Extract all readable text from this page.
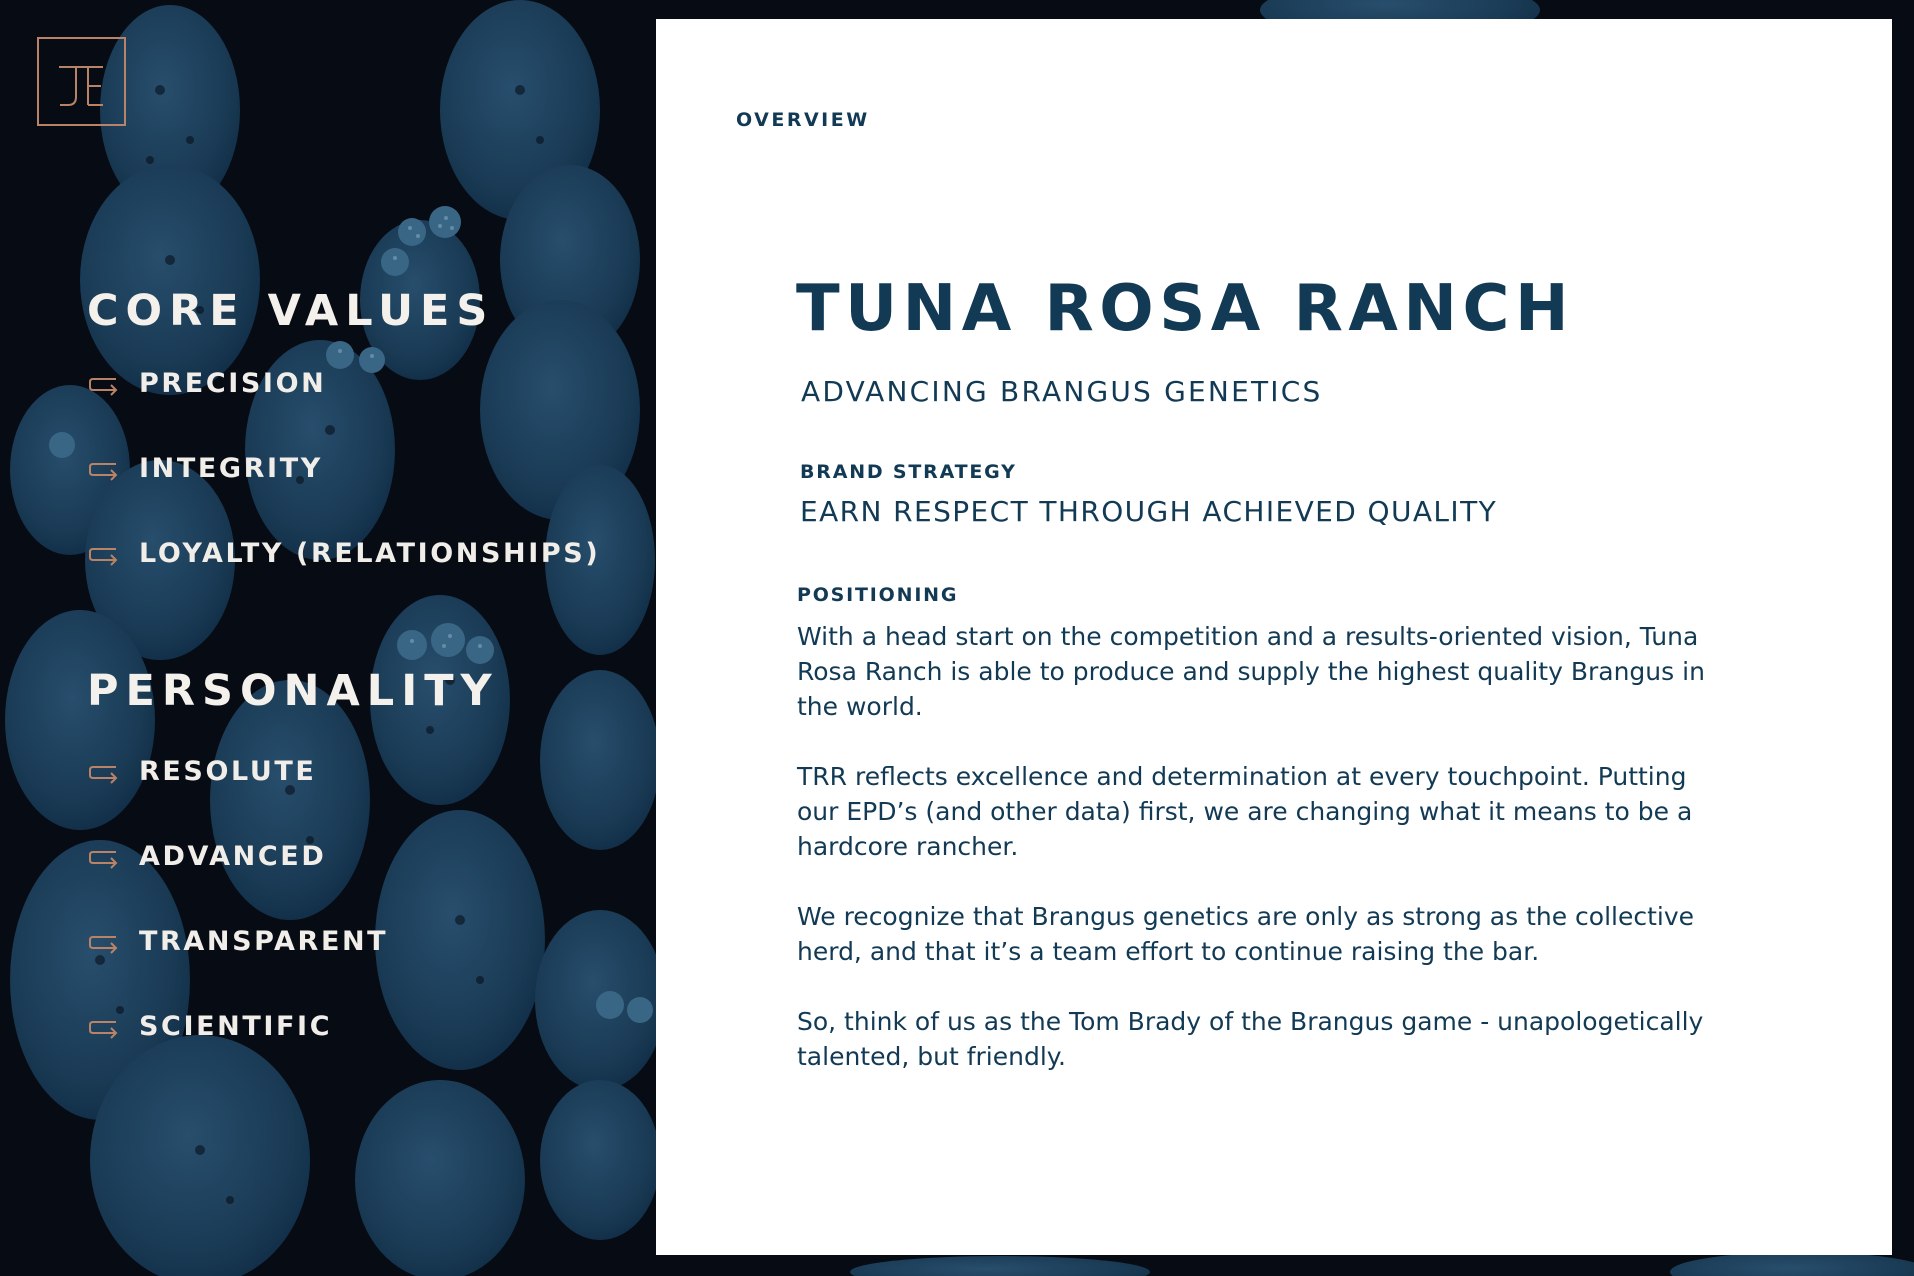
CORE VALUES
PRECISION
INTEGRITY
LOYALTY (RELATIONSHIPS)
PERSONALITY
RESOLUTE
ADVANCED
TRANSPARENT
SCIENTIFIC
OVERVIEW
TUNA ROSA RANCH
ADVANCING BRANGUS GENETICS
BRAND STRATEGY
EARN RESPECT THROUGH ACHIEVED QUALITY
POSITIONING

With a head start on the competition and a results-oriented vision, Tuna Rosa Ranch is able to produce and supply the highest quality Brangus in the world.

TRR reflects excellence and determination at every touchpoint. Putting our EPD’s (and other data) first, we are changing what it means to be a hardcore rancher.

We recognize that Brangus genetics are only as strong as the collective herd, and that it’s a team effort to continue raising the bar.

So, think of us as the Tom Brady of the Brangus game - unapologetically talented, but friendly.
